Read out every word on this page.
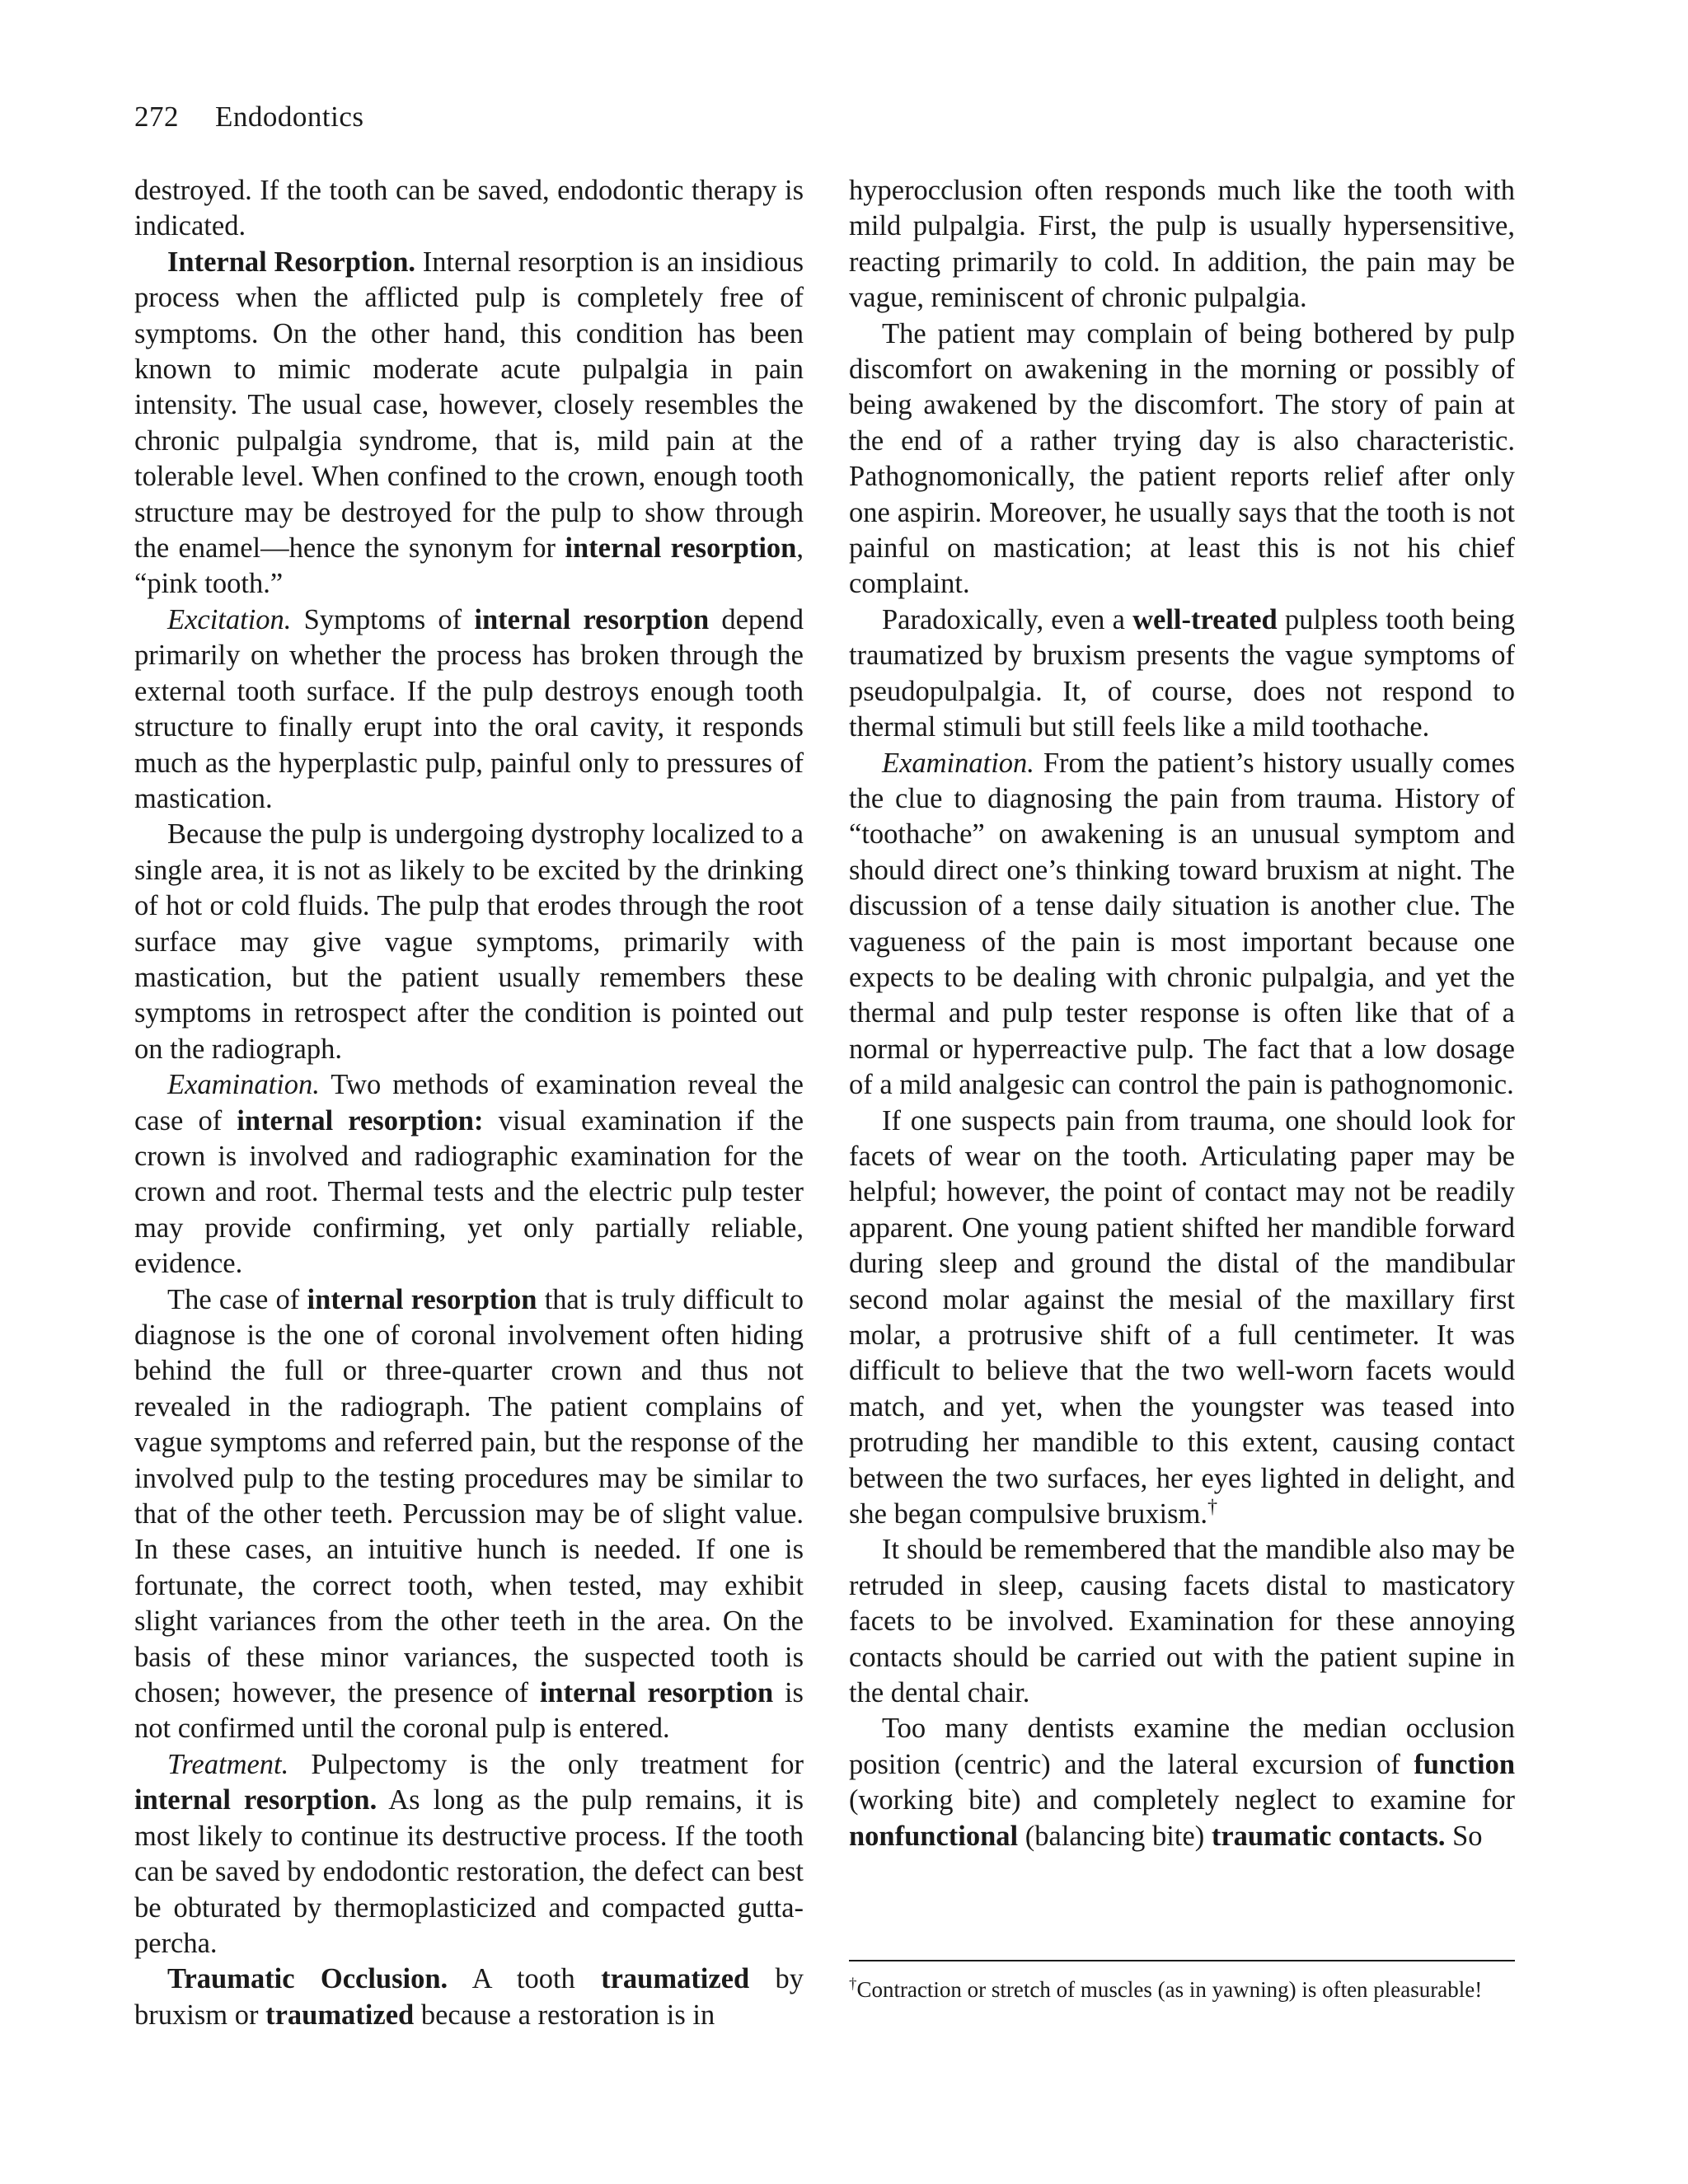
272 Endodontics

destroyed. If the tooth can be saved, endodontic therapy is indicated.

Internal Resorption. Internal resorption is an insidious process when the afflicted pulp is completely free of symptoms. On the other hand, this condition has been known to mimic moderate acute pulpalgia in pain intensity. The usual case, however, closely resembles the chronic pulpalgia syndrome, that is, mild pain at the tolerable level. When confined to the crown, enough tooth structure may be destroyed for the pulp to show through the enamel—hence the synonym for internal resorption, “pink tooth.”

Excitation. Symptoms of internal resorption depend primarily on whether the process has broken through the external tooth surface. If the pulp destroys enough tooth structure to finally erupt into the oral cavity, it responds much as the hyperplastic pulp, painful only to pressures of mastication.

Because the pulp is undergoing dystrophy localized to a single area, it is not as likely to be excited by the drinking of hot or cold fluids. The pulp that erodes through the root surface may give vague symptoms, primarily with mastication, but the patient usually remembers these symptoms in retrospect after the condition is pointed out on the radiograph.

Examination. Two methods of examination reveal the case of internal resorption: visual examination if the crown is involved and radiographic examination for the crown and root. Thermal tests and the electric pulp tester may provide confirming, yet only partially reliable, evidence.

The case of internal resorption that is truly difficult to diagnose is the one of coronal involvement often hiding behind the full or three-quarter crown and thus not revealed in the radiograph. The patient complains of vague symptoms and referred pain, but the response of the involved pulp to the testing procedures may be similar to that of the other teeth. Percussion may be of slight value. In these cases, an intuitive hunch is needed. If one is fortunate, the correct tooth, when tested, may exhibit slight variances from the other teeth in the area. On the basis of these minor variances, the suspected tooth is chosen; however, the presence of internal resorption is not confirmed until the coronal pulp is entered.

Treatment. Pulpectomy is the only treatment for internal resorption. As long as the pulp remains, it is most likely to continue its destructive process. If the tooth can be saved by endodontic restoration, the defect can best be obturated by thermoplasticized and compacted gutta-percha.

Traumatic Occlusion. A tooth traumatized by bruxism or traumatized because a restoration is in

hyperocclusion often responds much like the tooth with mild pulpalgia. First, the pulp is usually hypersensitive, reacting primarily to cold. In addition, the pain may be vague, reminiscent of chronic pulpalgia.

The patient may complain of being bothered by pulp discomfort on awakening in the morning or possibly of being awakened by the discomfort. The story of pain at the end of a rather trying day is also characteristic. Pathognomonically, the patient reports relief after only one aspirin. Moreover, he usually says that the tooth is not painful on mastication; at least this is not his chief complaint.

Paradoxically, even a well-treated pulpless tooth being traumatized by bruxism presents the vague symptoms of pseudopulpalgia. It, of course, does not respond to thermal stimuli but still feels like a mild toothache.

Examination. From the patient’s history usually comes the clue to diagnosing the pain from trauma. History of “toothache” on awakening is an unusual symptom and should direct one’s thinking toward bruxism at night. The discussion of a tense daily situation is another clue. The vagueness of the pain is most important because one expects to be dealing with chronic pulpalgia, and yet the thermal and pulp tester response is often like that of a normal or hyperreactive pulp. The fact that a low dosage of a mild analgesic can control the pain is pathognomonic.

If one suspects pain from trauma, one should look for facets of wear on the tooth. Articulating paper may be helpful; however, the point of contact may not be readily apparent. One young patient shifted her mandible forward during sleep and ground the distal of the mandibular second molar against the mesial of the maxillary first molar, a protrusive shift of a full centimeter. It was difficult to believe that the two well-worn facets would match, and yet, when the youngster was teased into protruding her mandible to this extent, causing contact between the two surfaces, her eyes lighted in delight, and she began compulsive bruxism.†

It should be remembered that the mandible also may be retruded in sleep, causing facets distal to masticatory facets to be involved. Examination for these annoying contacts should be carried out with the patient supine in the dental chair.

Too many dentists examine the median occlusion position (centric) and the lateral excursion of function (working bite) and completely neglect to examine for nonfunctional (balancing bite) traumatic contacts. So

†Contraction or stretch of muscles (as in yawning) is often pleasurable!
